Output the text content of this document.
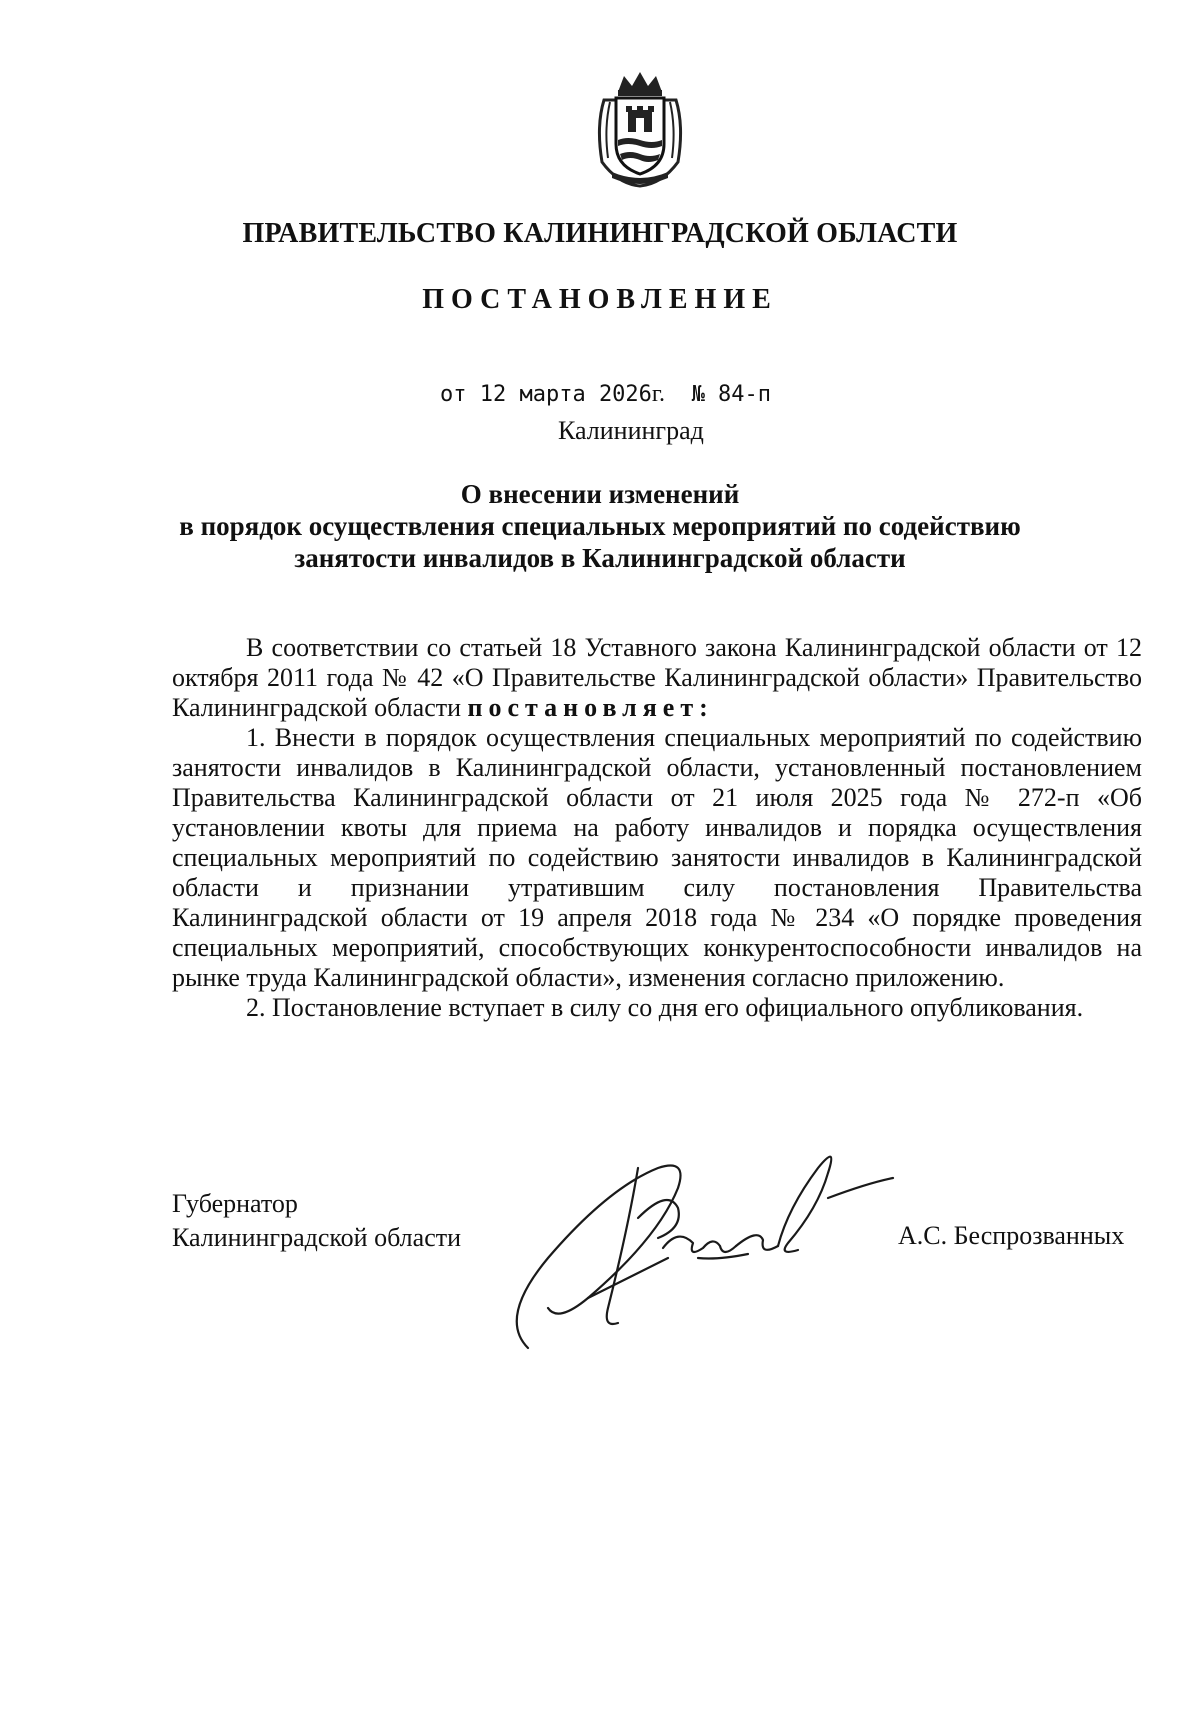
ПРАВИТЕЛЬСТВО КАЛИНИНГРАДСКОЙ ОБЛАСТИ
ПОСТАНОВЛЕНИЕ
от 12 марта 2026г. № 84-п
Калининград
О внесении изменений
в порядок осуществления специальных мероприятий по содействию
занятости инвалидов в Калининградской области

В соответствии со статьей 18 Уставного закона Калининградской области от 12 октября 2011 года № 42 «О Правительстве Калининградской области» Правительство Калининградской области постановляет:

1. Внести в порядок осуществления специальных мероприятий по содействию занятости инвалидов в Калининградской области, установленный постановлением Правительства Калининградской области от 21 июля 2025 года № 272-п «Об установлении квоты для приема на работу инвалидов и порядка осуществления специальных мероприятий по содействию занятости инвалидов в Калининградской области и признании утратившим силу постановления Правительства Калининградской области от 19 апреля 2018 года № 234 «О порядке проведения специальных мероприятий, способствующих конкурентоспособности инвалидов на рынке труда Калининградской области», изменения согласно приложению.

2. Постановление вступает в силу со дня его официального опубликования.

Губернатор
Калининградской области	А.С. Беспрозванных
